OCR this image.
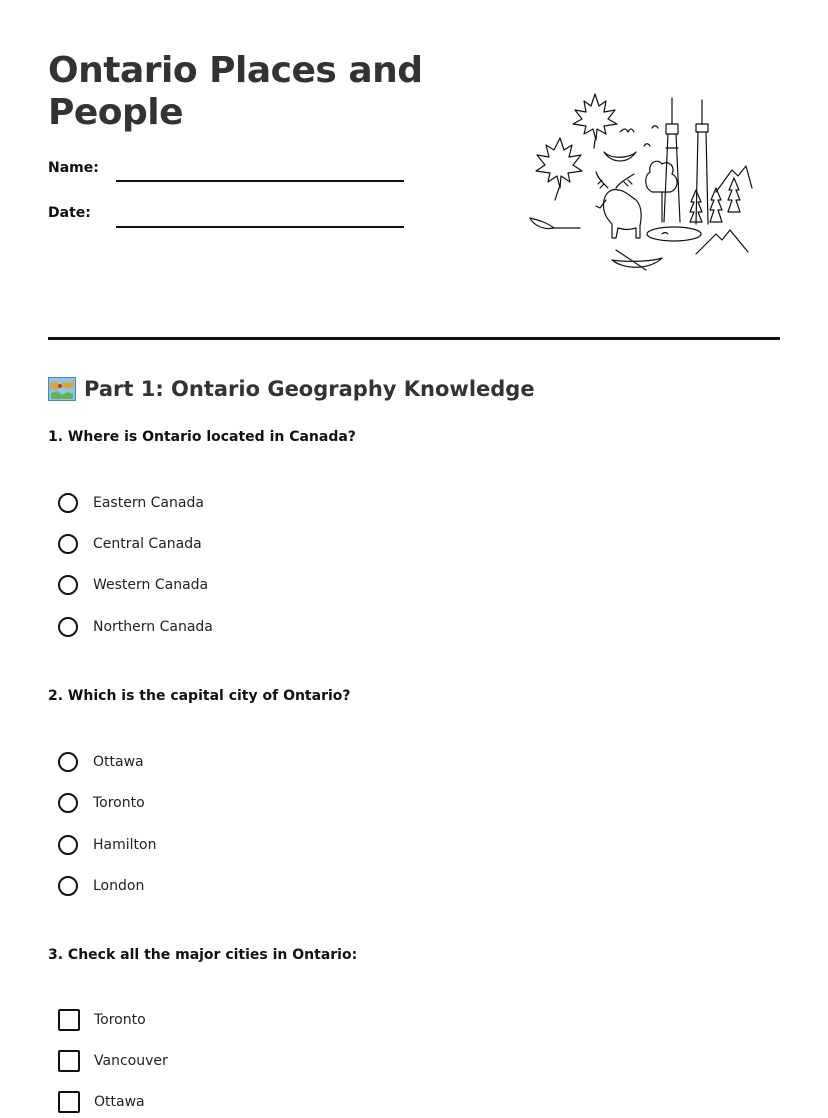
Ontario Places and People
Name:
Date:
Part 1: Ontario Geography Knowledge
1. Where is Ontario located in Canada?
Eastern Canada
Central Canada
Western Canada
Northern Canada
2. Which is the capital city of Ontario?
Ottawa
Toronto
Hamilton
London
3. Check all the major cities in Ontario:
Toronto
Vancouver
Ottawa
